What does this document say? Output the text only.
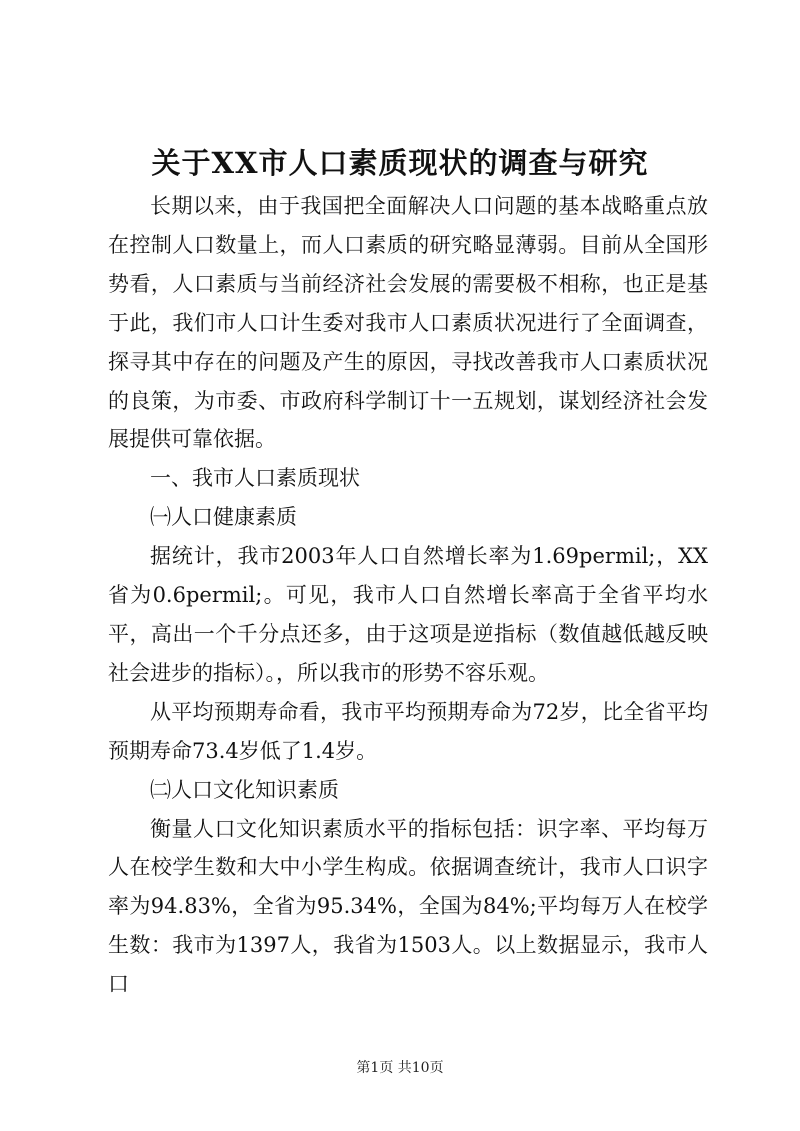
关于XX市人口素质现状的调查与研究

长期以来，由于我国把全面解决人口问题的基本战略重点放在控制人口数量上，而人口素质的研究略显薄弱。目前从全国形势看，人口素质与当前经济社会发展的需要极不相称，也正是基于此，我们市人口计生委对我市人口素质状况进行了全面调查，探寻其中存在的问题及产生的原因，寻找改善我市人口素质状况的良策，为市委、市政府科学制订十一五规划，谋划经济社会发展提供可靠依据。

一、我市人口素质现状

㈠人口健康素质

据统计，我市2003年人口自然增长率为1.69permil;，XX省为0.6permil;。可见，我市人口自然增长率高于全省平均水平，高出一个千分点还多，由于这项是逆指标（数值越低越反映社会进步的指标）。，所以我市的形势不容乐观。

从平均预期寿命看，我市平均预期寿命为72岁，比全省平均预期寿命73.4岁低了1.4岁。

㈡人口文化知识素质

衡量人口文化知识素质水平的指标包括：识字率、平均每万人在校学生数和大中小学生构成。依据调查统计，我市人口识字率为94.83%，全省为95.34%，全国为84%;平均每万人在校学生数：我市为1397人，我省为1503人。以上数据显示，我市人口

第1页 共10页
